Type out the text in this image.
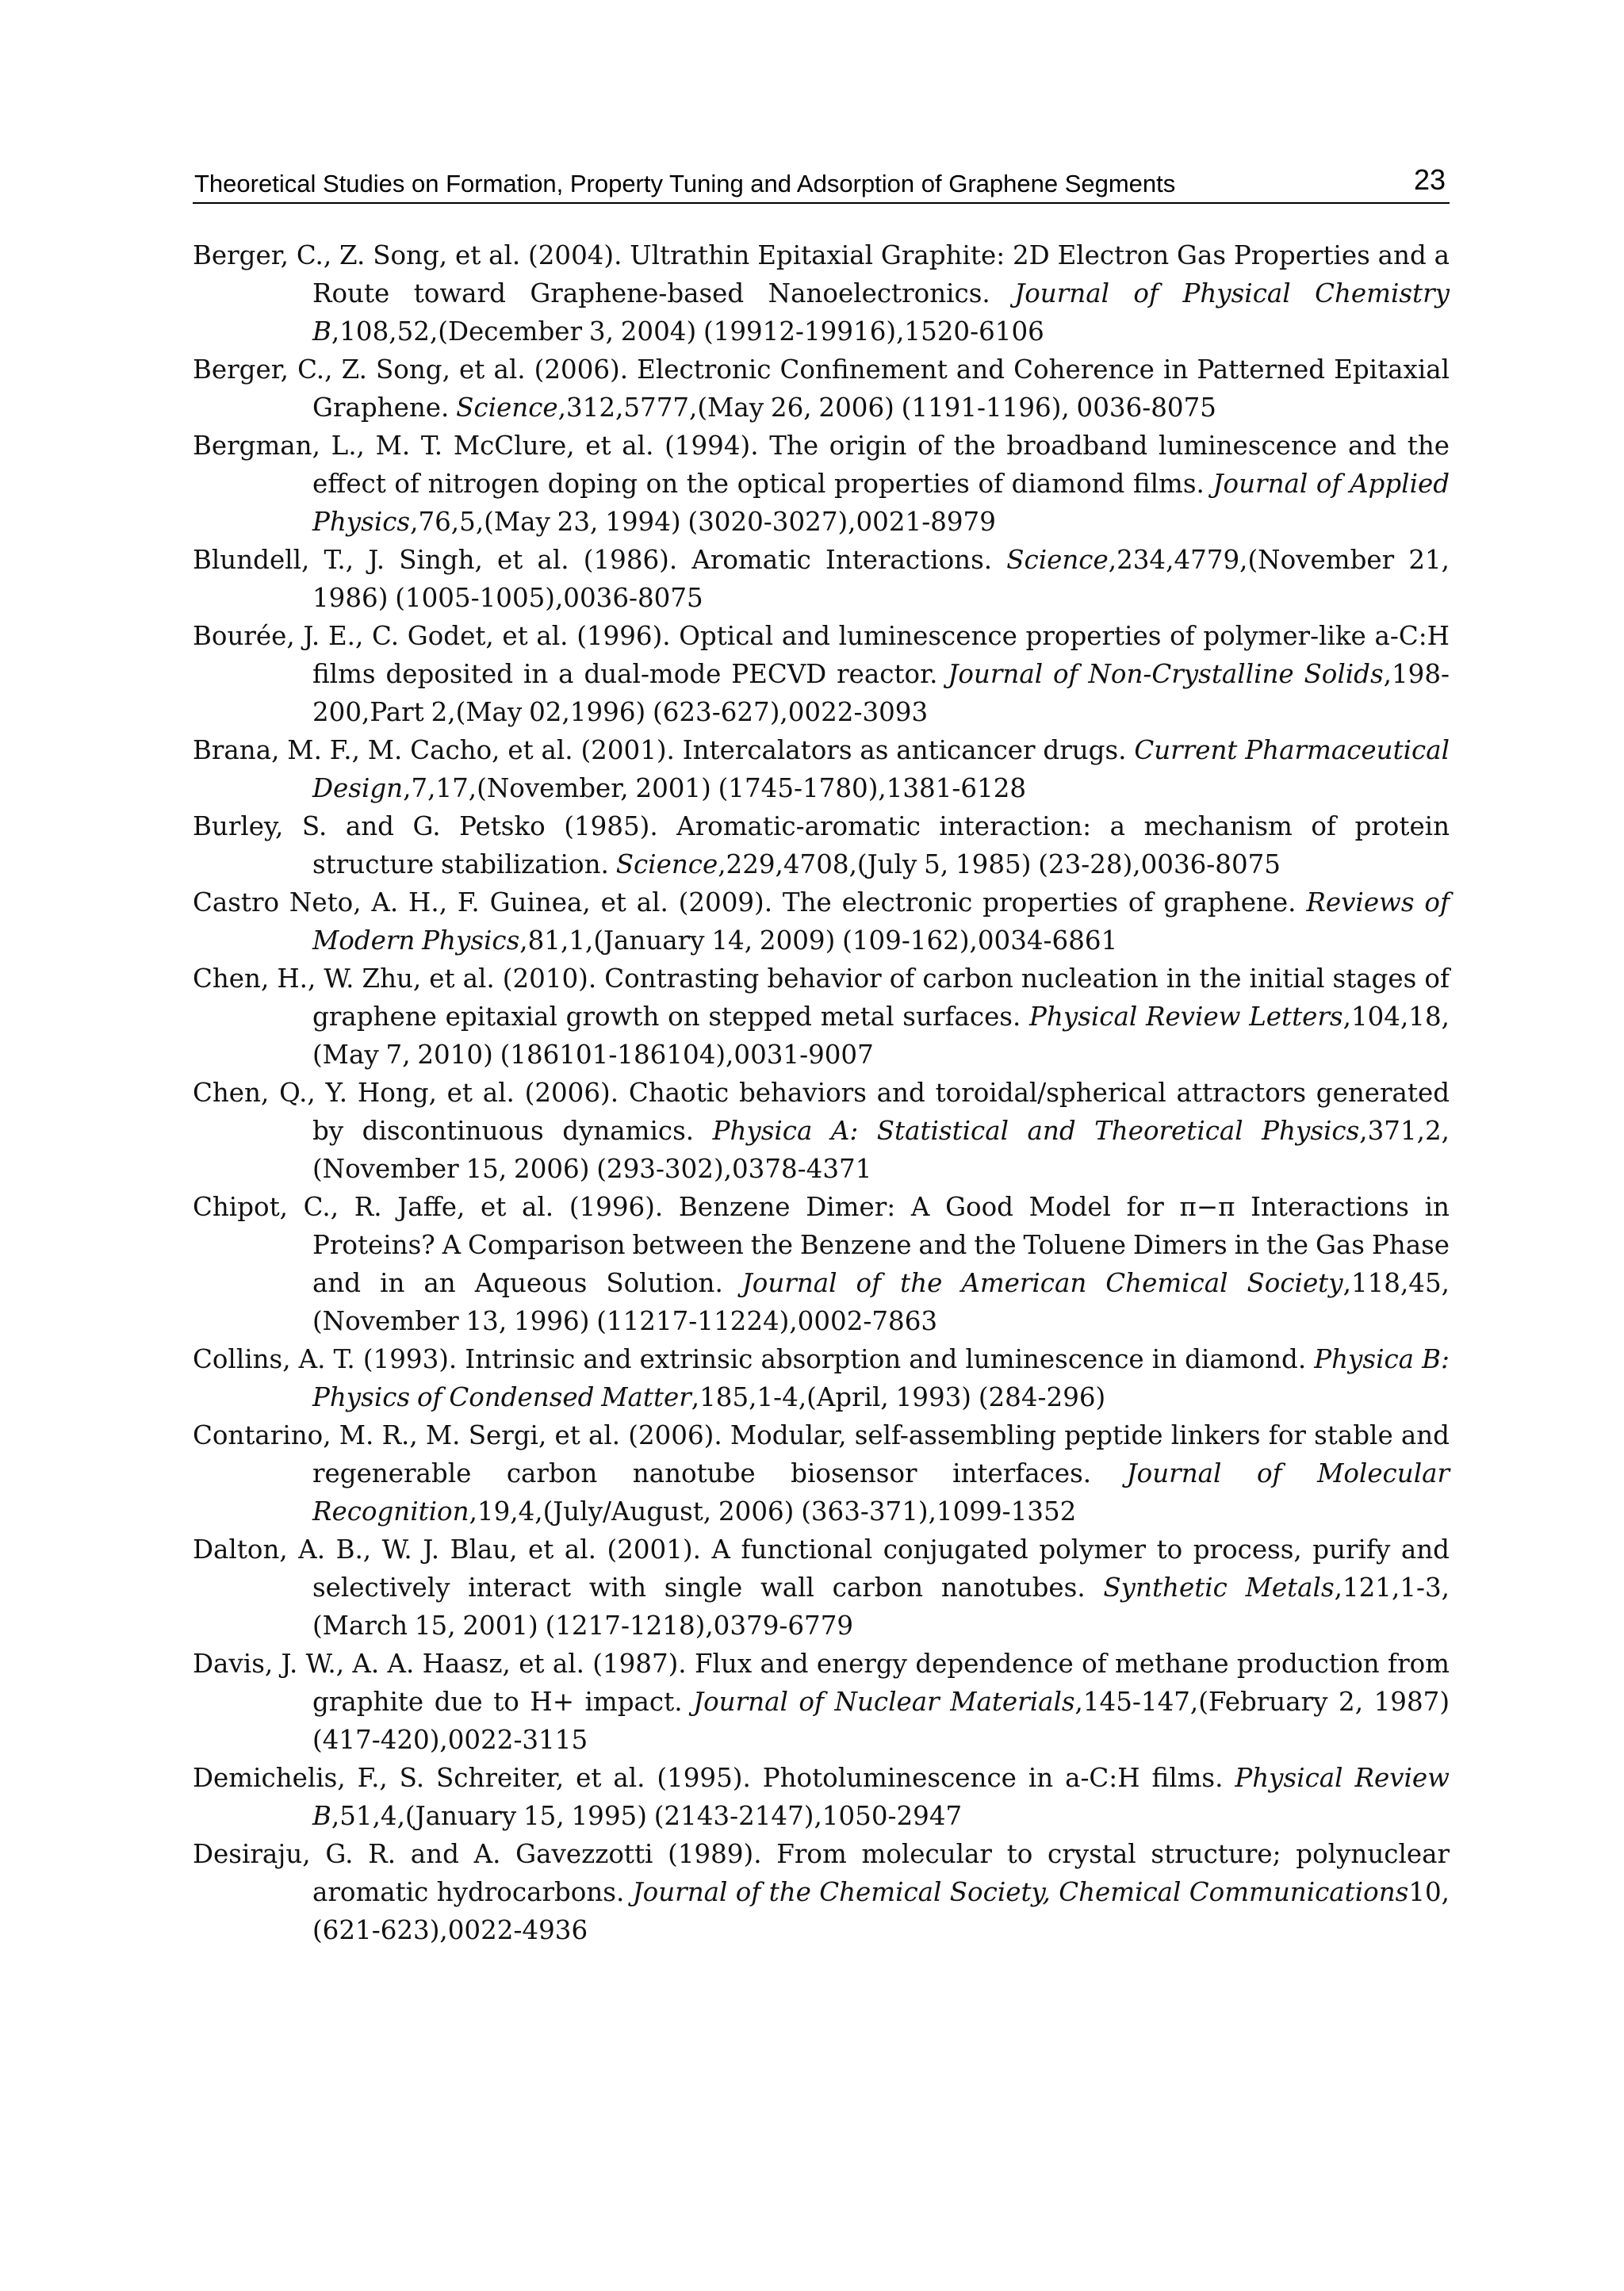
Theoretical Studies on Formation, Property Tuning and Adsorption of Graphene Segments	23

Berger, C., Z. Song, et al. (2004). Ultrathin Epitaxial Graphite: 2D Electron Gas Properties and a Route toward Graphene-based Nanoelectronics. Journal of Physical Chemistry B,108,52,(December 3, 2004) (19912-19916),1520-6106

Berger, C., Z. Song, et al. (2006). Electronic Confinement and Coherence in Patterned Epitaxial Graphene. Science,312,5777,(May 26, 2006) (1191-1196), 0036-8075

Bergman, L., M. T. McClure, et al. (1994). The origin of the broadband luminescence and the effect of nitrogen doping on the optical properties of diamond films. Journal of Applied Physics,76,5,(May 23, 1994) (3020-3027),0021-8979

Blundell, T., J. Singh, et al. (1986). Aromatic Interactions. Science,234,4779,(November 21, 1986) (1005-1005),0036-8075

Bourée, J. E., C. Godet, et al. (1996). Optical and luminescence properties of polymer-like a-C:H films deposited in a dual-mode PECVD reactor. Journal of Non-Crystalline Solids,198-200,Part 2,(May 02,1996) (623-627),0022-3093

Brana, M. F., M. Cacho, et al. (2001). Intercalators as anticancer drugs. Current Pharmaceutical Design,7,17,(November, 2001) (1745-1780),1381-6128

Burley, S. and G. Petsko (1985). Aromatic-aromatic interaction: a mechanism of protein structure stabilization. Science,229,4708,(July 5, 1985) (23-28),0036-8075

Castro Neto, A. H., F. Guinea, et al. (2009). The electronic properties of graphene. Reviews of Modern Physics,81,1,(January 14, 2009) (109-162),0034-6861

Chen, H., W. Zhu, et al. (2010). Contrasting behavior of carbon nucleation in the initial stages of graphene epitaxial growth on stepped metal surfaces. Physical Review Letters,104,18,(May 7, 2010) (186101-186104),0031-9007

Chen, Q., Y. Hong, et al. (2006). Chaotic behaviors and toroidal/spherical attractors generated by discontinuous dynamics. Physica A: Statistical and Theoretical Physics,371,2,(November 15, 2006) (293-302),0378-4371

Chipot, C., R. Jaffe, et al. (1996). Benzene Dimer: A Good Model for π−π Interactions in Proteins? A Comparison between the Benzene and the Toluene Dimers in the Gas Phase and in an Aqueous Solution. Journal of the American Chemical Society,118,45,(November 13, 1996) (11217-11224),0002-7863

Collins, A. T. (1993). Intrinsic and extrinsic absorption and luminescence in diamond. Physica B: Physics of Condensed Matter,185,1-4,(April, 1993) (284-296)

Contarino, M. R., M. Sergi, et al. (2006). Modular, self-assembling peptide linkers for stable and regenerable carbon nanotube biosensor interfaces. Journal of Molecular Recognition,19,4,(July/August, 2006) (363-371),1099-1352

Dalton, A. B., W. J. Blau, et al. (2001). A functional conjugated polymer to process, purify and selectively interact with single wall carbon nanotubes. Synthetic Metals,121,1-3,(March 15, 2001) (1217-1218),0379-6779

Davis, J. W., A. A. Haasz, et al. (1987). Flux and energy dependence of methane production from graphite due to H+ impact. Journal of Nuclear Materials,145-147,(February 2, 1987) (417-420),0022-3115

Demichelis, F., S. Schreiter, et al. (1995). Photoluminescence in a-C:H films. Physical Review B,51,4,(January 15, 1995) (2143-2147),1050-2947

Desiraju, G. R. and A. Gavezzotti (1989). From molecular to crystal structure; polynuclear aromatic hydrocarbons. Journal of the Chemical Society, Chemical Communications10, (621-623),0022-4936
